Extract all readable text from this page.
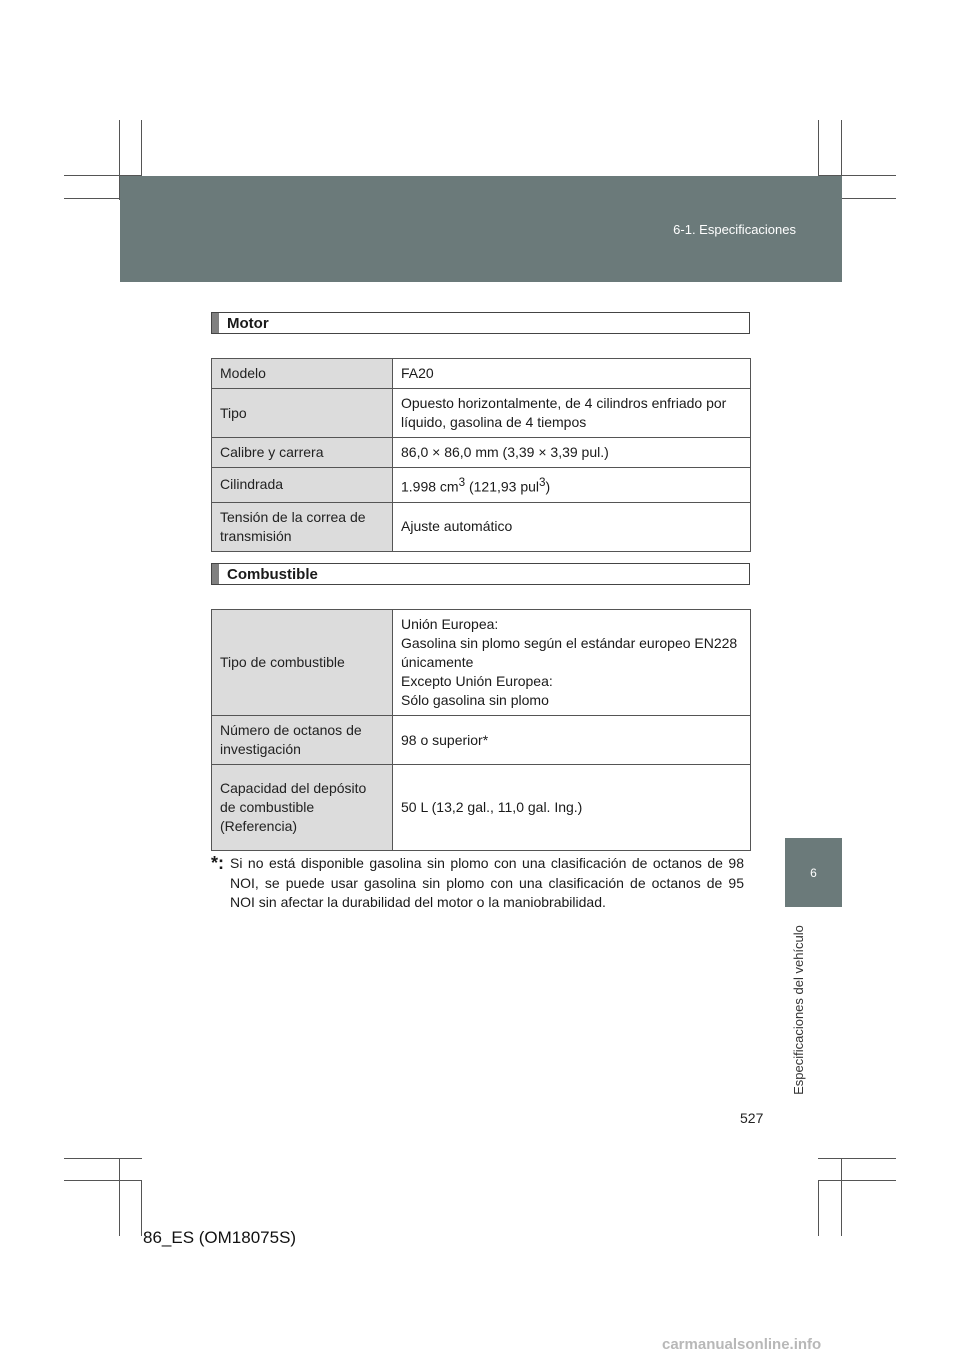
6-1. Especificaciones
6
Especificaciones del vehículo
Motor
Modelo	FA20
Tipo	Opuesto horizontalmente, de 4 cilindros enfriado por líquido, gasolina de 4 tiempos
Calibre y carrera	86,0 × 86,0 mm (3,39 × 3,39 pul.)
Cilindrada	1.998 $cm^3$ (121,93 pul$^3$)
Tensión de la correa de transmisión	Ajuste automático
Combustible
Tipo de combustible	Unión Europea:
Gasolina sin plomo según el estándar europeo EN228 únicamente
Excepto Unión Europea:
Sólo gasolina sin plomo

Número de octanos de investigación	98 o superior*
Capacidad del depósito de combustible (Referencia)	50 L (13,2 gal., 11,0 gal. Ing.)
*: Si no está disponible gasolina sin plomo con una clasificación de octanos de 98 NOI, se puede usar gasolina sin plomo con una clasificación de octanos de 95 NOI sin afectar la durabilidad del motor o la maniobrabilidad.
527
86_ES (OM18075S)
carmanualsonline.info
